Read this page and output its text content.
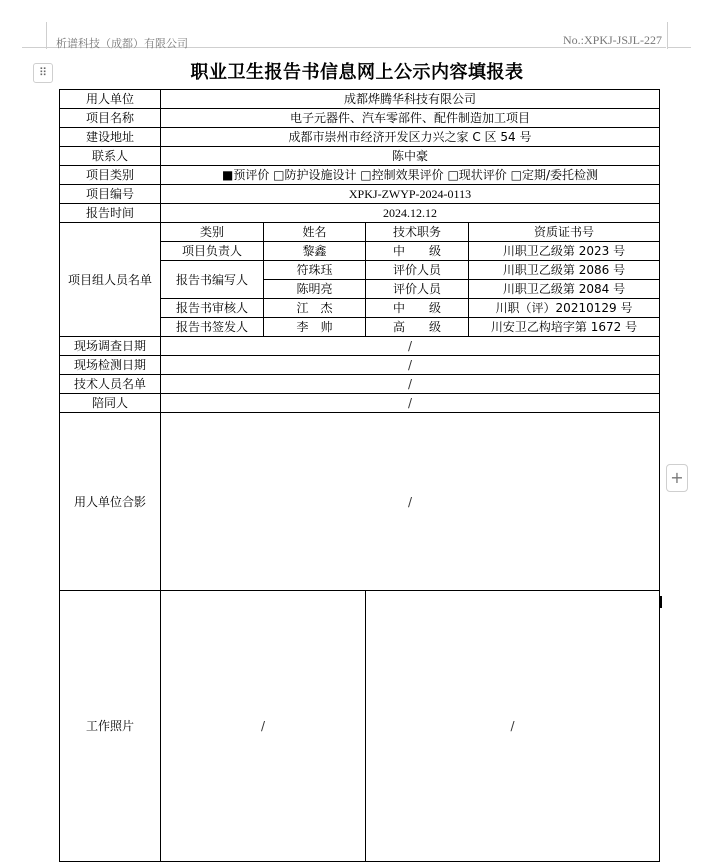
析谱科技（成都）有限公司	No.:XPKJ-JSJL-227
⠿	职业卫生报告书信息网上公示内容填报表
用人单位	成都烨腾华科技有限公司			
项目名称	电子元器件、汽车零部件、配件制造加工项目			
建设地址	成都市崇州市经济开发区力兴之家 C 区 54 号			
联系人	陈中豪			
项目类别	■预评价 □防护设施设计 □控制效果评价 □现状评价 □定期/委托检测			
项目编号	XPKJ-ZWYP-2024-0113			
报告时间	2024.12.12			
项目组人员名单	类别	姓名	技术职务	资质证书号
	项目负责人	黎鑫	中　　级	川职卫乙级第 2023 号
	报告书编写人	符珠珏	评价人员	川职卫乙级第 2086 号
		陈明亮	评价人员	川职卫乙级第 2084 号
	报告书审核人	江　杰	中　　级	川职（评）20210129 号
	报告书签发人	李　帅	高　　级	川安卫乙构培字第 1672 号
现场调查日期	/			
现场检测日期	/			
技术人员名单	/			
陪同人	/			
用人单位合影	/			
工作照片	/		/	
+
